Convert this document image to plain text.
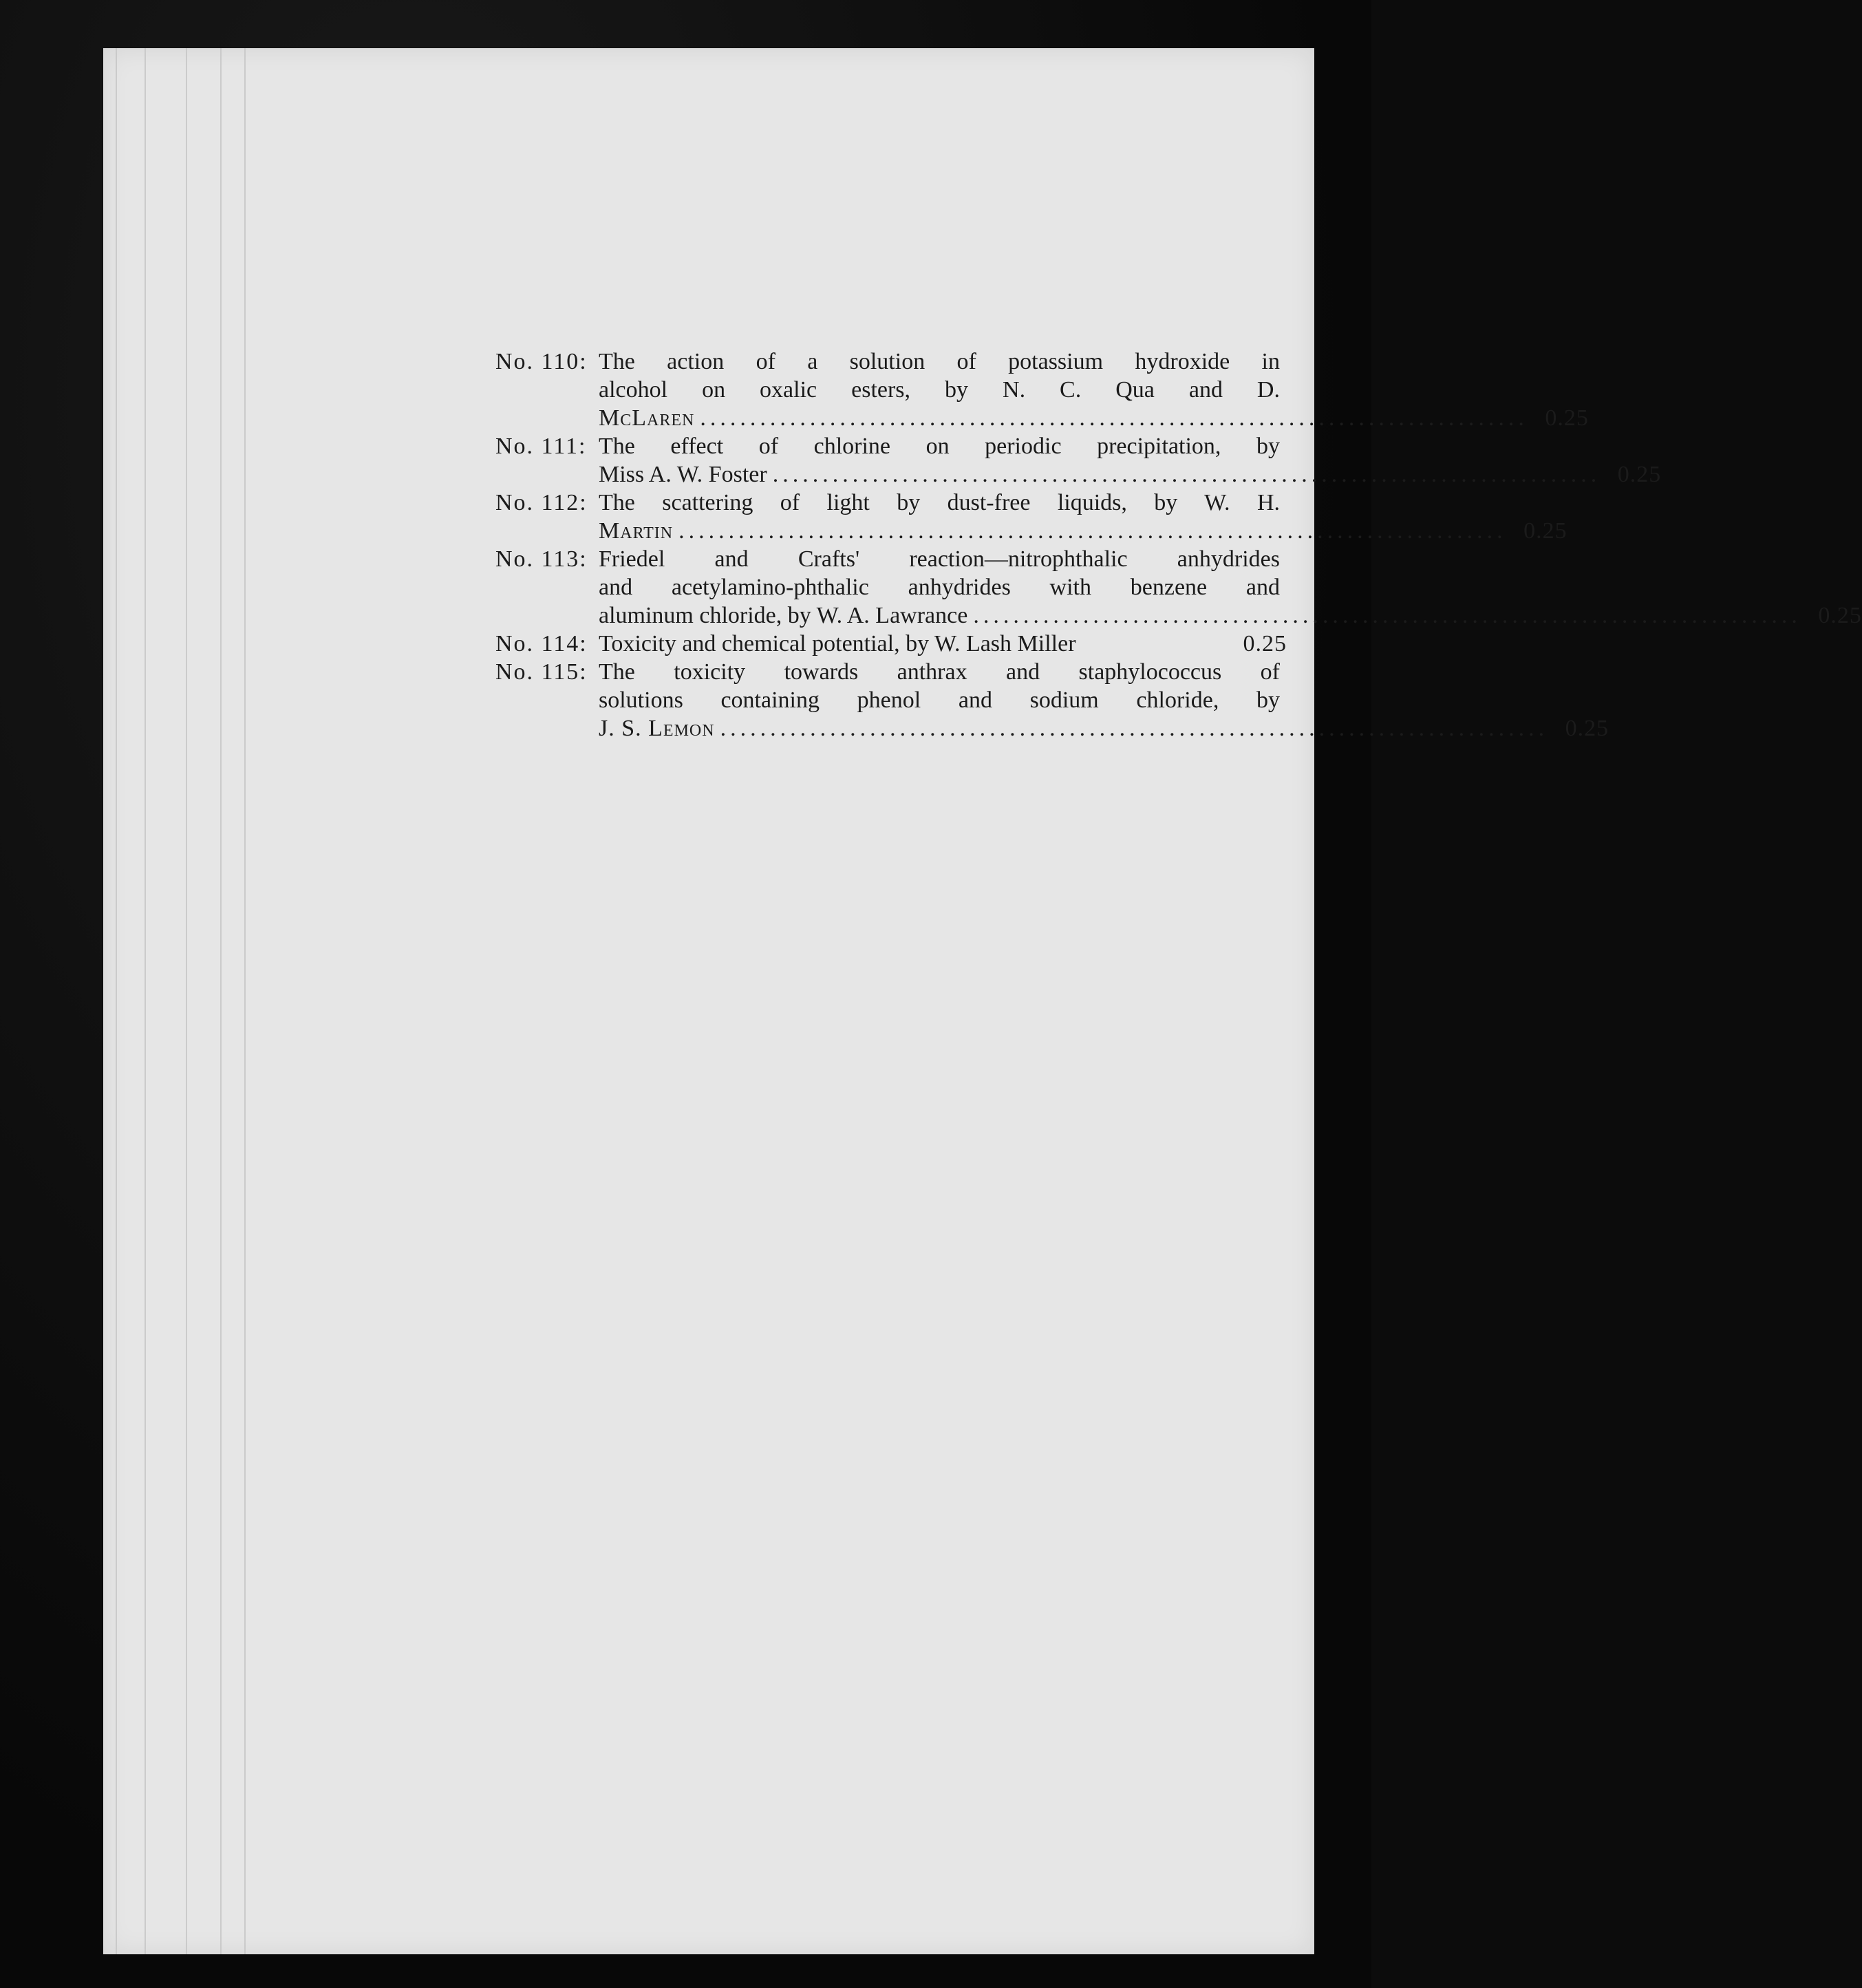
No. 110: The action of a solution of potassium hydroxide in
alcohol on oxalic esters, by N. C. Qua and D.
McLaren ................................................................................... 0.25
No. 111: The effect of chlorine on periodic precipitation, by
Miss A. W. Foster ................................................................................... 0.25
No. 112: The scattering of light by dust-free liquids, by W. H.
Martin ................................................................................... 0.25
No. 113: Friedel and Crafts' reaction—nitrophthalic anhydrides
and acetylamino-phthalic anhydrides with benzene and
aluminum chloride, by W. A. Lawrance ................................................................................... 0.25
No. 114: Toxicity and chemical potential, by W. Lash Miller	0.25
No. 115: The toxicity towards anthrax and staphylococcus of
solutions containing phenol and sodium chloride, by
J. S. Lemon ................................................................................... 0.25
